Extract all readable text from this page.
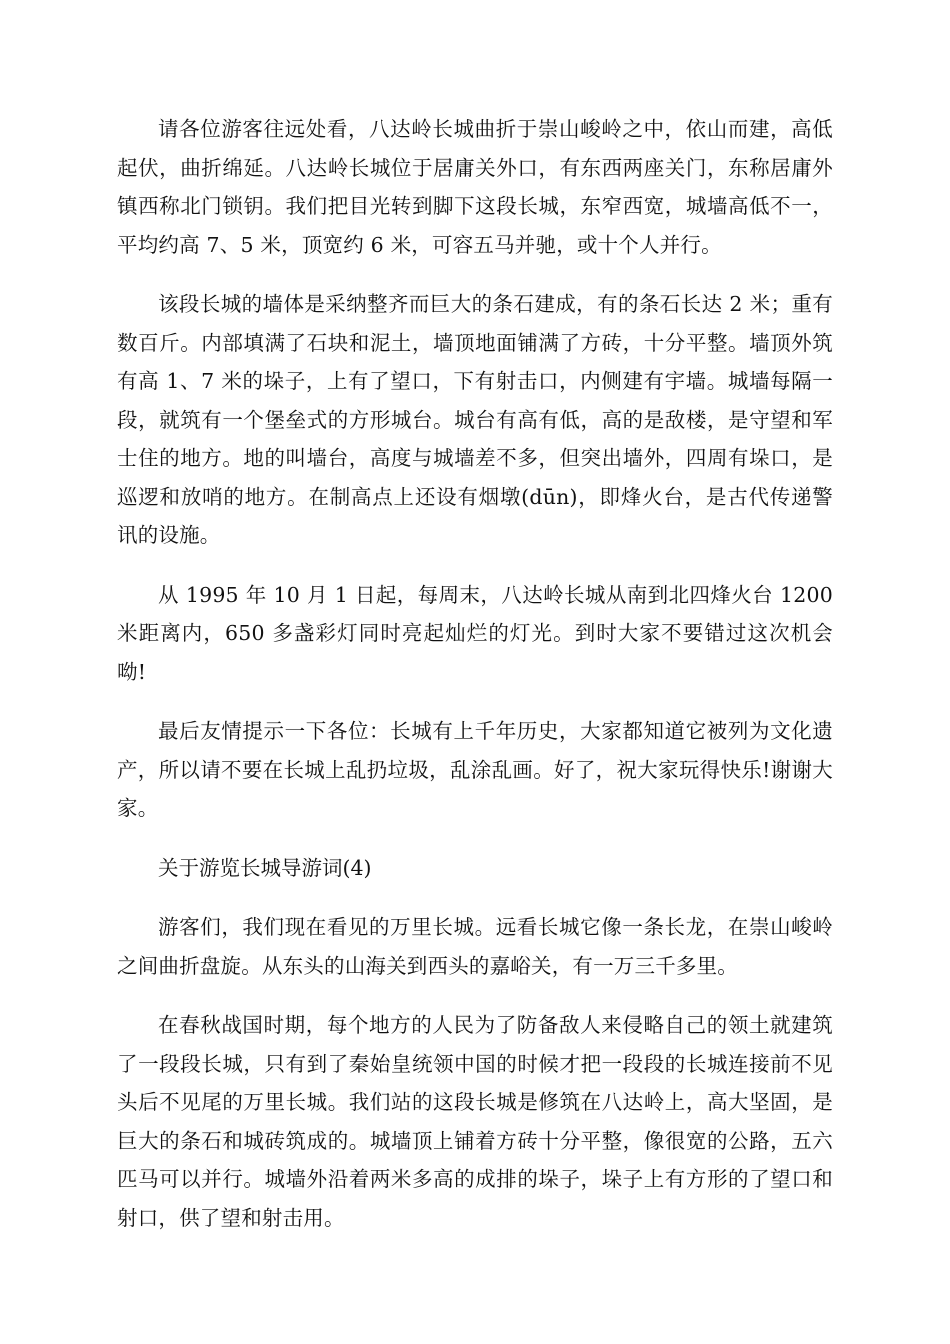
请各位游客往远处看，八达岭长城曲折于崇山峻岭之中，依山而建，高低起伏，曲折绵延。八达岭长城位于居庸关外口，有东西两座关门，东称居庸外镇西称北门锁钥。我们把目光转到脚下这段长城，东窄西宽，城墙高低不一，平均约高 7、5 米，顶宽约 6 米，可容五马并驰，或十个人并行。

该段长城的墙体是采纳整齐而巨大的条石建成，有的条石长达 2 米；重有数百斤。内部填满了石块和泥土，墙顶地面铺满了方砖，十分平整。墙顶外筑有高 1、7 米的垛子，上有了望口，下有射击口，内侧建有宇墙。城墙每隔一段，就筑有一个堡垒式的方形城台。城台有高有低，高的是敌楼，是守望和军士住的地方。地的叫墙台，高度与城墙差不多，但突出墙外，四周有垛口，是巡逻和放哨的地方。在制高点上还设有烟墩(dūn)，即烽火台，是古代传递警讯的设施。

从 1995 年 10 月 1 日起，每周末，八达岭长城从南到北四烽火台 1200 米距离内，650 多盏彩灯同时亮起灿烂的灯光。到时大家不要错过这次机会呦!

最后友情提示一下各位：长城有上千年历史，大家都知道它被列为文化遗产，所以请不要在长城上乱扔垃圾，乱涂乱画。好了，祝大家玩得快乐!谢谢大家。

关于游览长城导游词(4)

游客们，我们现在看见的万里长城。远看长城它像一条长龙，在崇山峻岭之间曲折盘旋。从东头的山海关到西头的嘉峪关，有一万三千多里。

在春秋战国时期，每个地方的人民为了防备敌人来侵略自己的领土就建筑了一段段长城，只有到了秦始皇统领中国的时候才把一段段的长城连接前不见头后不见尾的万里长城。我们站的这段长城是修筑在八达岭上，高大坚固，是巨大的条石和城砖筑成的。城墙顶上铺着方砖十分平整，像很宽的公路，五六匹马可以并行。城墙外沿着两米多高的成排的垛子，垛子上有方形的了望口和射口，供了望和射击用。
